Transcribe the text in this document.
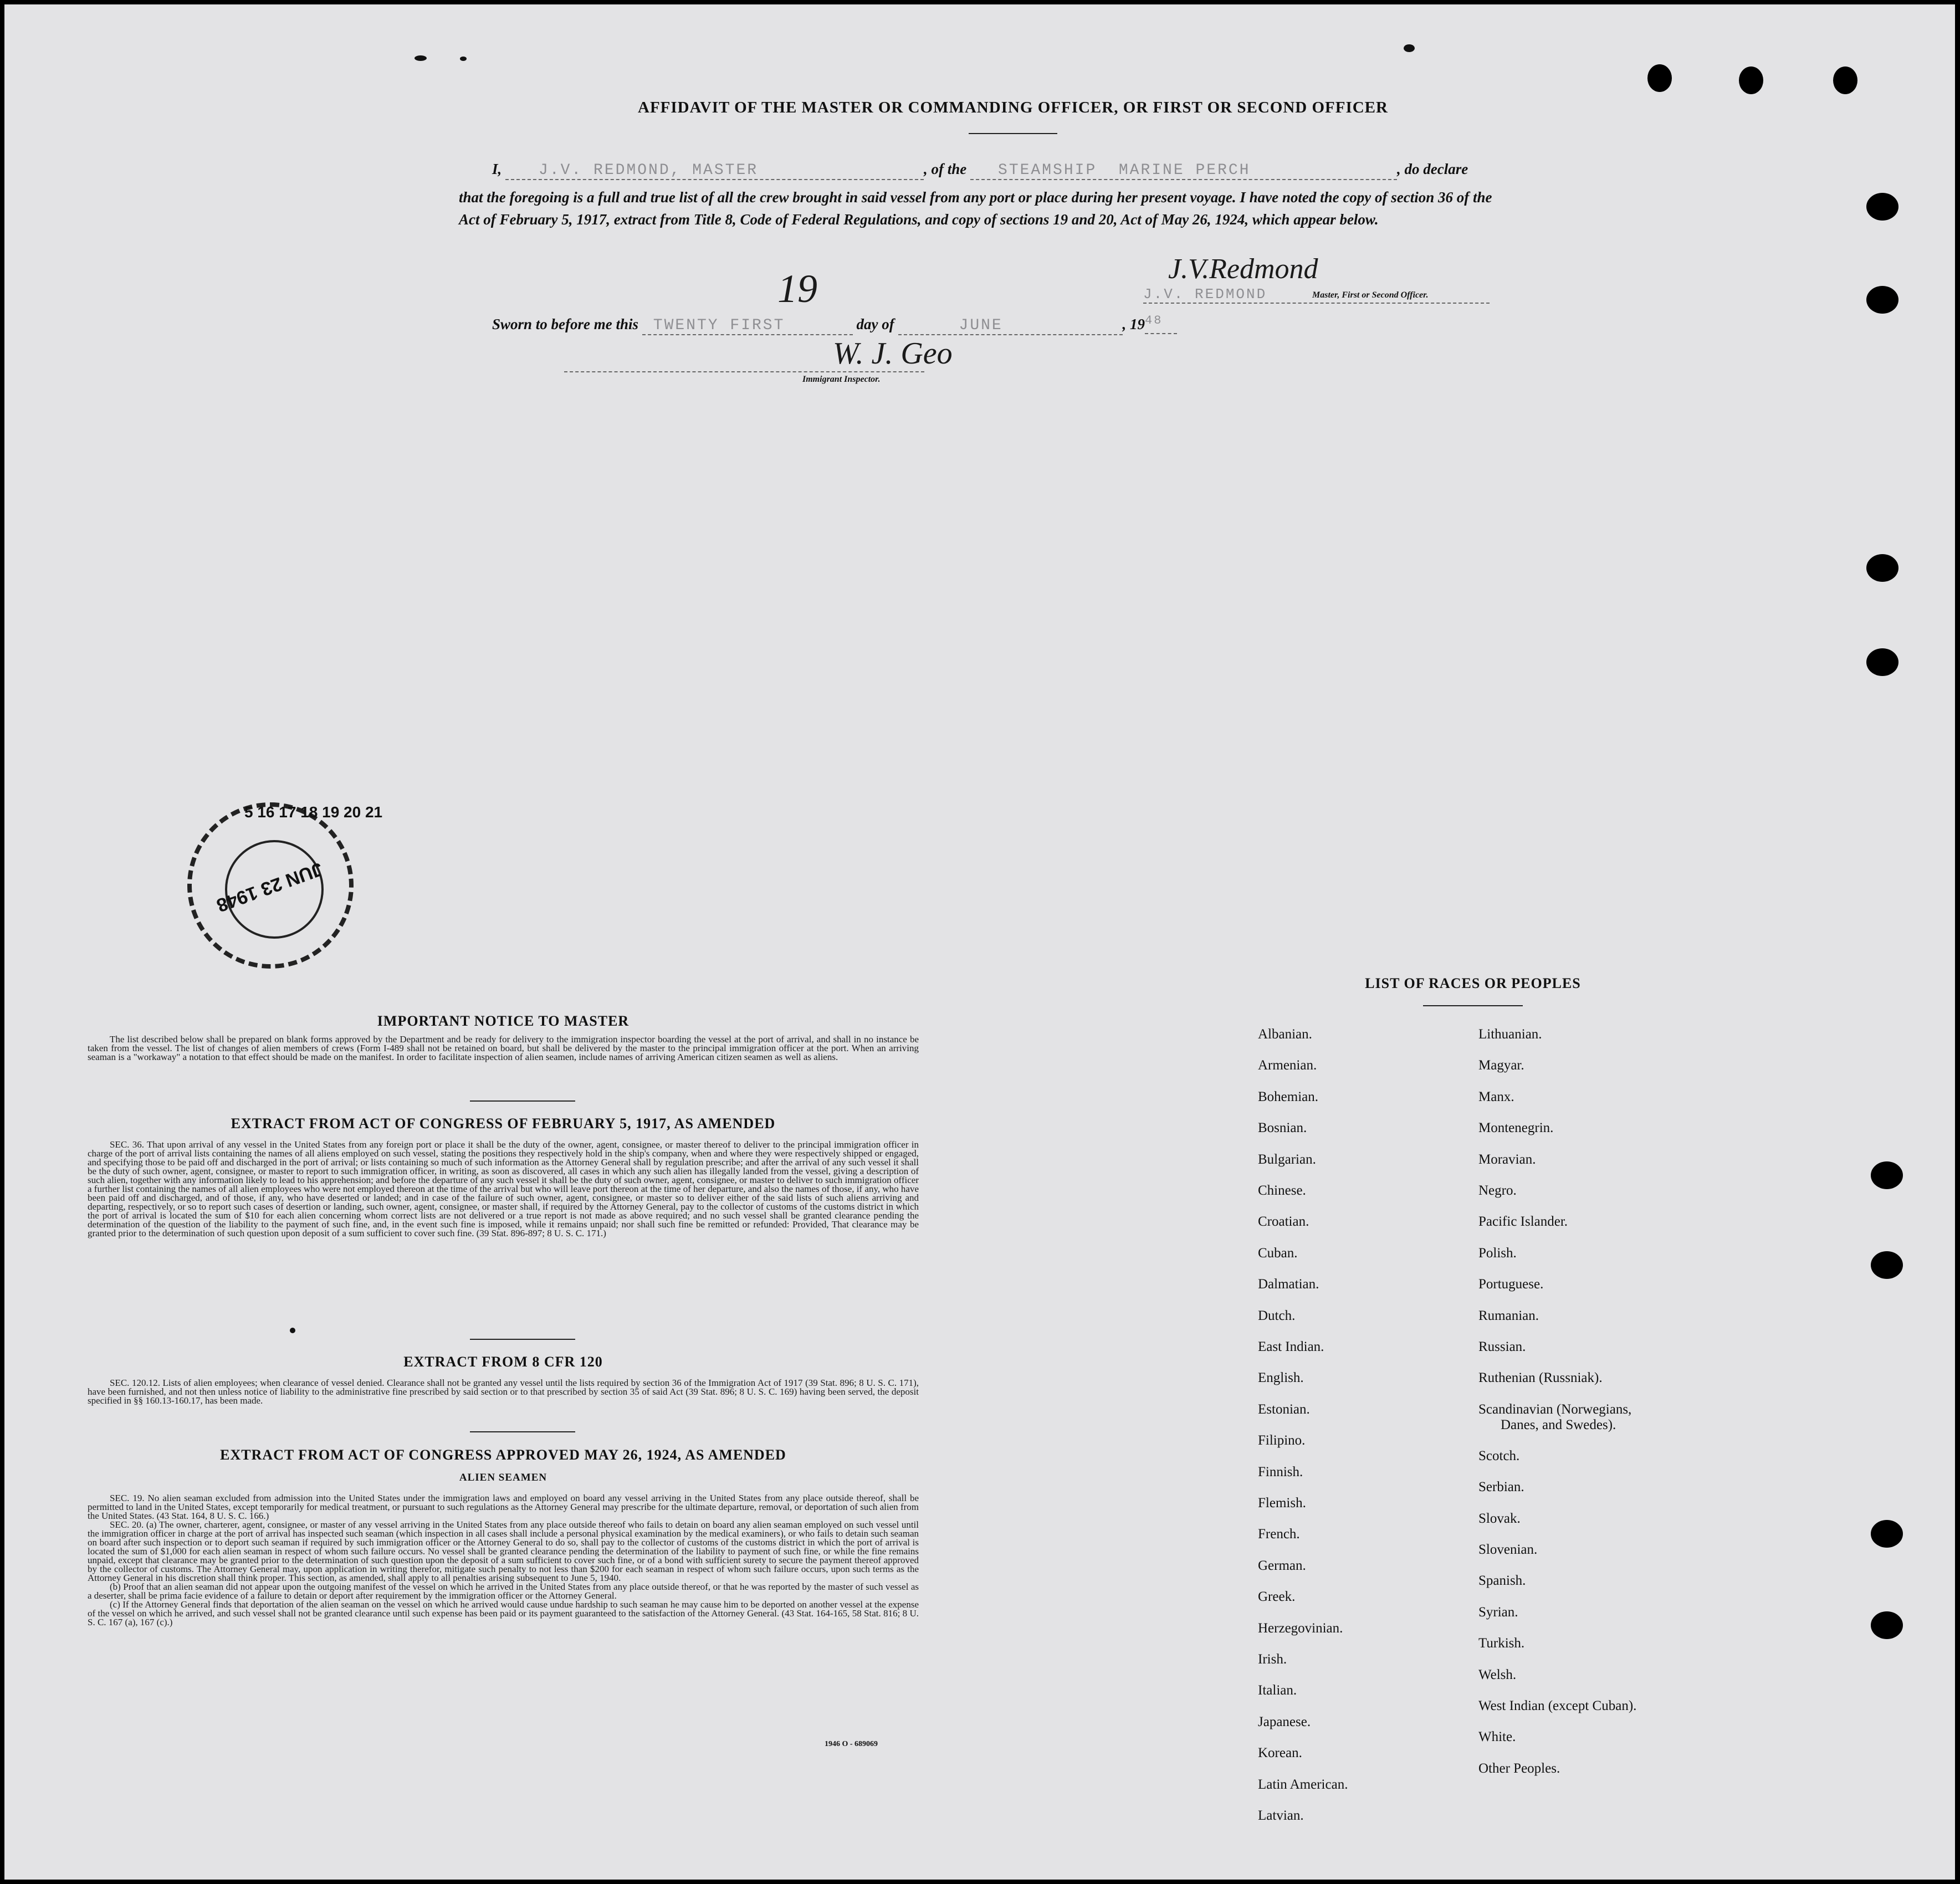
AFFIDAVIT OF THE MASTER OR COMMANDING OFFICER, OR FIRST OR SECOND OFFICER
I, J.V. REDMOND, MASTER	, of the STEAMSHIP  MARINE PERCH	, do declare
that the foregoing is a full and true list of all the crew brought in said vessel from any port or place during her present voyage. I have noted the copy of section 36 of the Act of February 5, 1917, extract from Title 8, Code of Federal Regulations, and copy of sections 19 and 20, Act of May 26, 1924, which appear below.
J.V.Redmond
J.V. REDMOND	Master, First or Second Officer.
Sworn to before me this TWENTY FIRST	day of	JUNE	, $19^{48}$
19
W. J. Geo
Immigrant Inspector.
5 16 17 18 19 20 21
JUN 23 1948
IMPORTANT NOTICE TO MASTER

The list described below shall be prepared on blank forms approved by the Department and be ready for delivery to the immigration inspector boarding the vessel at the port of arrival, and shall in no instance be taken from the vessel. The list of changes of alien members of crews (Form I-489 shall not be retained on board, but shall be delivered by the master to the principal immigration officer at the port. When an arriving seaman is a "workaway" a notation to that effect should be made on the manifest. In order to facilitate inspection of alien seamen, include names of arriving American citizen seamen as well as aliens.

EXTRACT FROM ACT OF CONGRESS OF FEBRUARY 5, 1917, AS AMENDED

SEC. 36. That upon arrival of any vessel in the United States from any foreign port or place it shall be the duty of the owner, agent, consignee, or master thereof to deliver to the principal immigration officer in charge of the port of arrival lists containing the names of all aliens employed on such vessel, stating the positions they respectively hold in the ship's company, when and where they were respectively shipped or engaged, and specifying those to be paid off and discharged in the port of arrival; or lists containing so much of such information as the Attorney General shall by regulation prescribe; and after the arrival of any such vessel it shall be the duty of such owner, agent, consignee, or master to report to such immigration officer, in writing, as soon as discovered, all cases in which any such alien has illegally landed from the vessel, giving a description of such alien, together with any information likely to lead to his apprehension; and before the departure of any such vessel it shall be the duty of such owner, agent, consignee, or master to deliver to such immigration officer a further list containing the names of all alien employees who were not employed thereon at the time of the arrival but who will leave port thereon at the time of her departure, and also the names of those, if any, who have been paid off and discharged, and of those, if any, who have deserted or landed; and in case of the failure of such owner, agent, consignee, or master so to deliver either of the said lists of such aliens arriving and departing, respectively, or so to report such cases of desertion or landing, such owner, agent, consignee, or master shall, if required by the Attorney General, pay to the collector of customs of the customs district in which the port of arrival is located the sum of $10 for each alien concerning whom correct lists are not delivered or a true report is not made as above required; and no such vessel shall be granted clearance pending the determination of the question of the liability to the payment of such fine, and, in the event such fine is imposed, while it remains unpaid; nor shall such fine be remitted or refunded: Provided, That clearance may be granted prior to the determination of such question upon deposit of a sum sufficient to cover such fine. (39 Stat. 896-897; 8 U. S. C. 171.)

EXTRACT FROM 8 CFR 120

SEC. 120.12. Lists of alien employees; when clearance of vessel denied. Clearance shall not be granted any vessel until the lists required by section 36 of the Immigration Act of 1917 (39 Stat. 896; 8 U. S. C. 171), have been furnished, and not then unless notice of liability to the administrative fine prescribed by said section or to that prescribed by section 35 of said Act (39 Stat. 896; 8 U. S. C. 169) having been served, the deposit specified in §§ 160.13-160.17, has been made.

EXTRACT FROM ACT OF CONGRESS APPROVED MAY 26, 1924, AS AMENDED
ALIEN SEAMEN

SEC. 19. No alien seaman excluded from admission into the United States under the immigration laws and employed on board any vessel arriving in the United States from any place outside thereof, shall be permitted to land in the United States, except temporarily for medical treatment, or pursuant to such regulations as the Attorney General may prescribe for the ultimate departure, removal, or deportation of such alien from the United States. (43 Stat. 164, 8 U. S. C. 166.)

SEC. 20. (a) The owner, charterer, agent, consignee, or master of any vessel arriving in the United States from any place outside thereof who fails to detain on board any alien seaman employed on such vessel until the immigration officer in charge at the port of arrival has inspected such seaman (which inspection in all cases shall include a personal physical examination by the medical examiners), or who fails to detain such seaman on board after such inspection or to deport such seaman if required by such immigration officer or the Attorney General to do so, shall pay to the collector of customs of the customs district in which the port of arrival is located the sum of $1,000 for each alien seaman in respect of whom such failure occurs. No vessel shall be granted clearance pending the determination of the liability to payment of such fine, or while the fine remains unpaid, except that clearance may be granted prior to the determination of such question upon the deposit of a sum sufficient to cover such fine, or of a bond with sufficient surety to secure the payment thereof approved by the collector of customs. The Attorney General may, upon application in writing therefor, mitigate such penalty to not less than $200 for each seaman in respect of whom such failure occurs, upon such terms as the Attorney General in his discretion shall think proper. This section, as amended, shall apply to all penalties arising subsequent to June 5, 1940.

(b) Proof that an alien seaman did not appear upon the outgoing manifest of the vessel on which he arrived in the United States from any place outside thereof, or that he was reported by the master of such vessel as a deserter, shall be prima facie evidence of a failure to detain or deport after requirement by the immigration officer or the Attorney General.

(c) If the Attorney General finds that deportation of the alien seaman on the vessel on which he arrived would cause undue hardship to such seaman he may cause him to be deported on another vessel at the expense of the vessel on which he arrived, and such vessel shall not be granted clearance until such expense has been paid or its payment guaranteed to the satisfaction of the Attorney General. (43 Stat. 164-165, 58 Stat. 816; 8 U. S. C. 167 (a), 167 (c).)

1946 O - 689069
LIST OF RACES OR PEOPLES
Albanian.
Armenian.
Bohemian.
Bosnian.
Bulgarian.
Chinese.
Croatian.
Cuban.
Dalmatian.
Dutch.
East Indian.
English.
Estonian.
Filipino.
Finnish.
Flemish.
French.
German.
Greek.
Herzegovinian.
Irish.
Italian.
Japanese.
Korean.
Latin American.
Latvian.
Lithuanian.
Magyar.
Manx.
Montenegrin.
Moravian.
Negro.
Pacific Islander.
Polish.
Portuguese.
Rumanian.
Russian.
Ruthenian (Russniak).
Scandinavian (Norwegians,
Danes, and Swedes).
Scotch.
Serbian.
Slovak.
Slovenian.
Spanish.
Syrian.
Turkish.
Welsh.
West Indian (except Cuban).
White.
Other Peoples.
